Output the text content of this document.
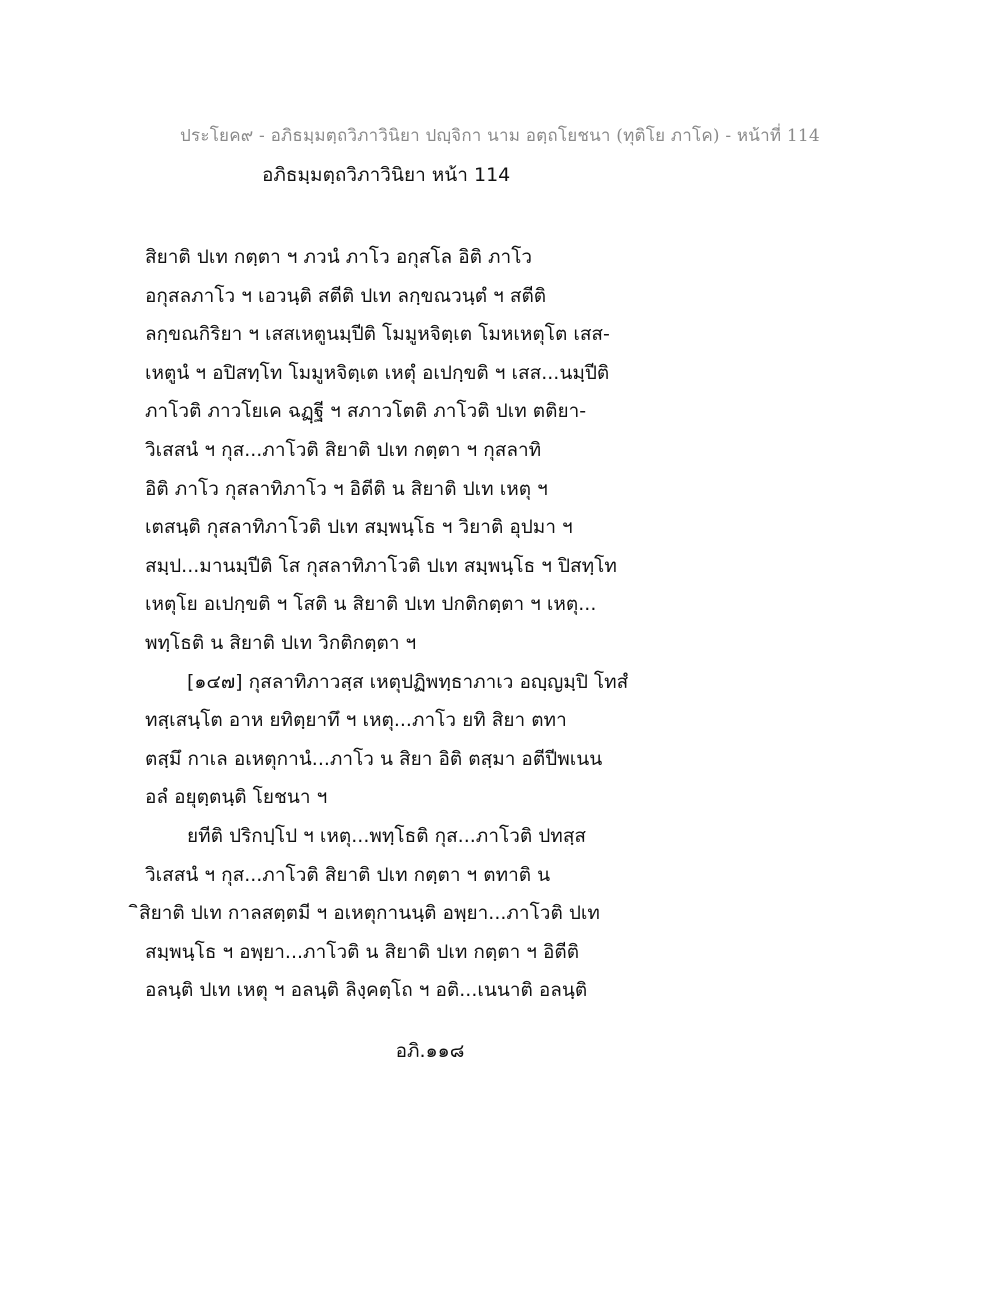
ประโยค๙ - อภิธมฺมตฺถวิภาวินิยา ปญฺจิกา นาม อตฺถโยชนา (ทุติโย ภาโค) - หน้าที่ 114
อภิธมฺมตฺถวิภาวินิยา หน้า 114
สิยาติ ปเท กตฺตา ฯ ภวนํ ภาโว อกุสโล อิติ ภาโว
อกุสลภาโว ฯ เอวนฺติ สตีติ ปเท ลกฺขณวนฺตํ ฯ สตีติ
ลกฺขณกิริยา ฯ เสสเหตูนมฺปีติ โมมูหจิตฺเต โมหเหตุโต เสส-
เหตูนํ ฯ อปิสทฺโท โมมูหจิตฺเต เหตุํ อเปกฺขติ ฯ เสส...นมฺปีติ
ภาโวติ ภาวโยเค ฉฏฺฐี ฯ สภาวโตติ ภาโวติ ปเท ตติยา-
วิเสสนํ ฯ กุส...ภาโวติ สิยาติ ปเท กตฺตา ฯ กุสลาทิ
อิติ ภาโว กุสลาทิภาโว ฯ อิตีติ น สิยาติ ปเท เหตุ ฯ
เตสนฺติ กุสลาทิภาโวติ ปเท สมฺพนฺโธ ฯ วิยาติ อุปมา ฯ
สมฺป...มานมฺปีติ โส กุสลาทิภาโวติ ปเท สมฺพนฺโธ ฯ ปิสทฺโท
เหตุโย อเปกฺขติ ฯ โสติ น สิยาติ ปเท ปกติกตฺตา ฯ เหตุ...
พทฺโธติ น สิยาติ ปเท วิกติกตฺตา ฯ
[๑๔๗] กุสลาทิภาวสฺส เหตุปฏิพทฺธาภาเว อญฺญมฺปิ โทสํ
ทสฺเสนฺโต อาห ยทิตฺยาทึ ฯ เหตุ...ภาโว ยทิ สิยา ตทา
ตสฺมึ กาเล อเหตุกานํ...ภาโว น สิยา อิติ ตสฺมา อตีปีพเนน
อลํ อยุตฺตนฺติ โยชนา ฯ
ยทีติ ปริกปฺโป ฯ เหตุ...พทฺโธติ กุส...ภาโวติ ปทสฺส
วิเสสนํ ฯ กุส...ภาโวติ สิยาติ ปเท กตฺตา ฯ ตทาติ น
ิสิยาติ ปเท กาลสตฺตมี ฯ อเหตุกานนฺติ อพฺยา...ภาโวติ ปเท
สมฺพนฺโธ ฯ อพฺยา...ภาโวติ น สิยาติ ปเท กตฺตา ฯ อิตีติ
อลนฺติ ปเท เหตุ ฯ อลนฺติ ลิงฺคตฺโถ ฯ อติ...เนนาติ อลนฺติ
อภิ.๑๑๘
